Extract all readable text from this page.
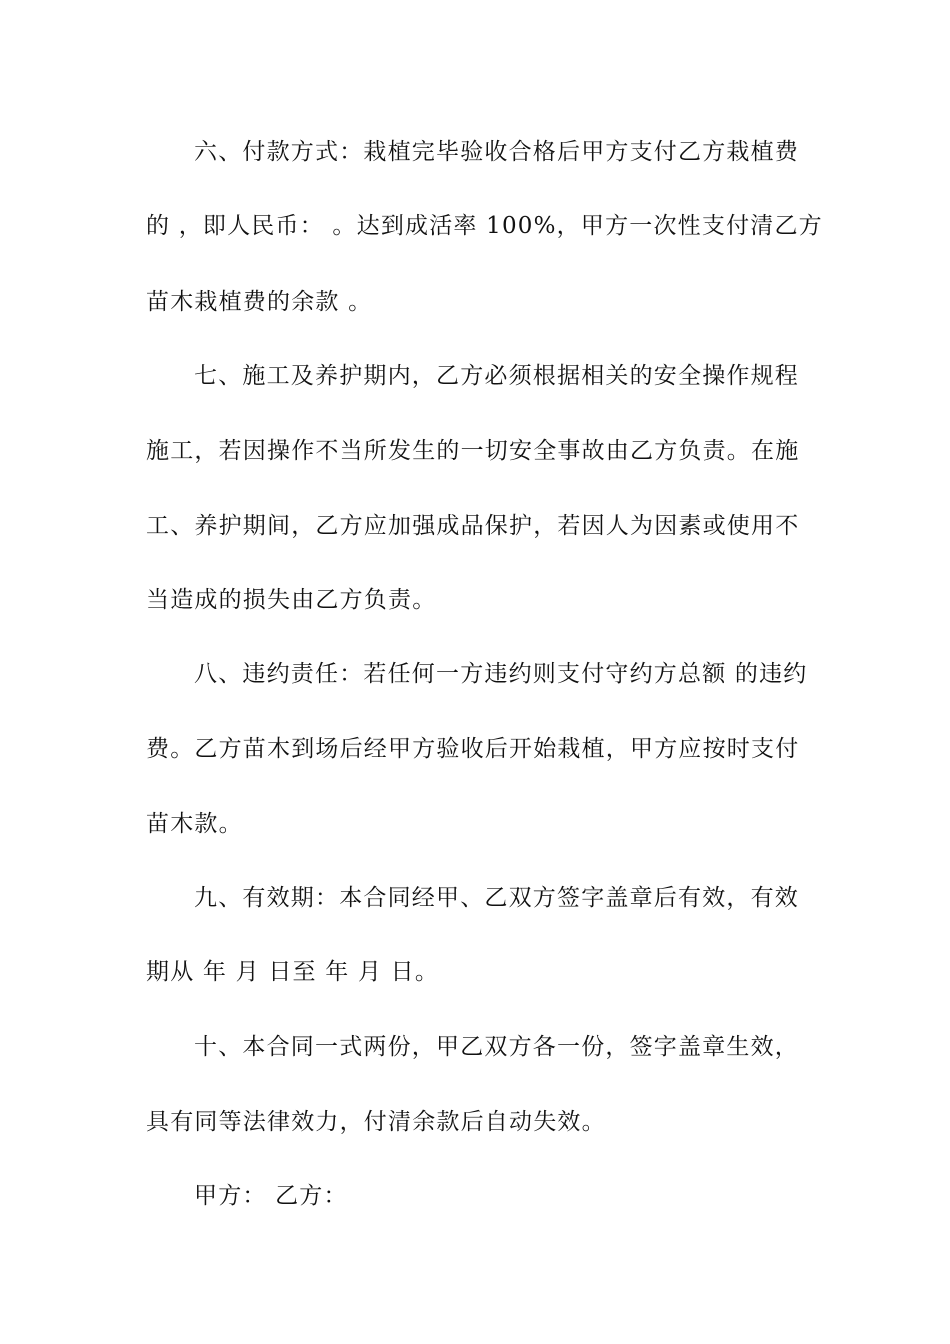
六、付款方式：栽植完毕验收合格后甲方支付乙方栽植费
的 ，即人民币： 。达到成活率 100%，甲方一次性支付清乙方
苗木栽植费的余款 。
七、施工及养护期内，乙方必须根据相关的安全操作规程
施工，若因操作不当所发生的一切安全事故由乙方负责。在施
工、养护期间，乙方应加强成品保护，若因人为因素或使用不
当造成的损失由乙方负责。
八、违约责任：若任何一方违约则支付守约方总额 的违约
费。乙方苗木到场后经甲方验收后开始栽植，甲方应按时支付
苗木款。
九、有效期：本合同经甲、乙双方签字盖章后有效，有效
期从 年 月 日至 年 月 日。
十、本合同一式两份，甲乙双方各一份，签字盖章生效，
具有同等法律效力，付清余款后自动失效。
甲方： 乙方：
